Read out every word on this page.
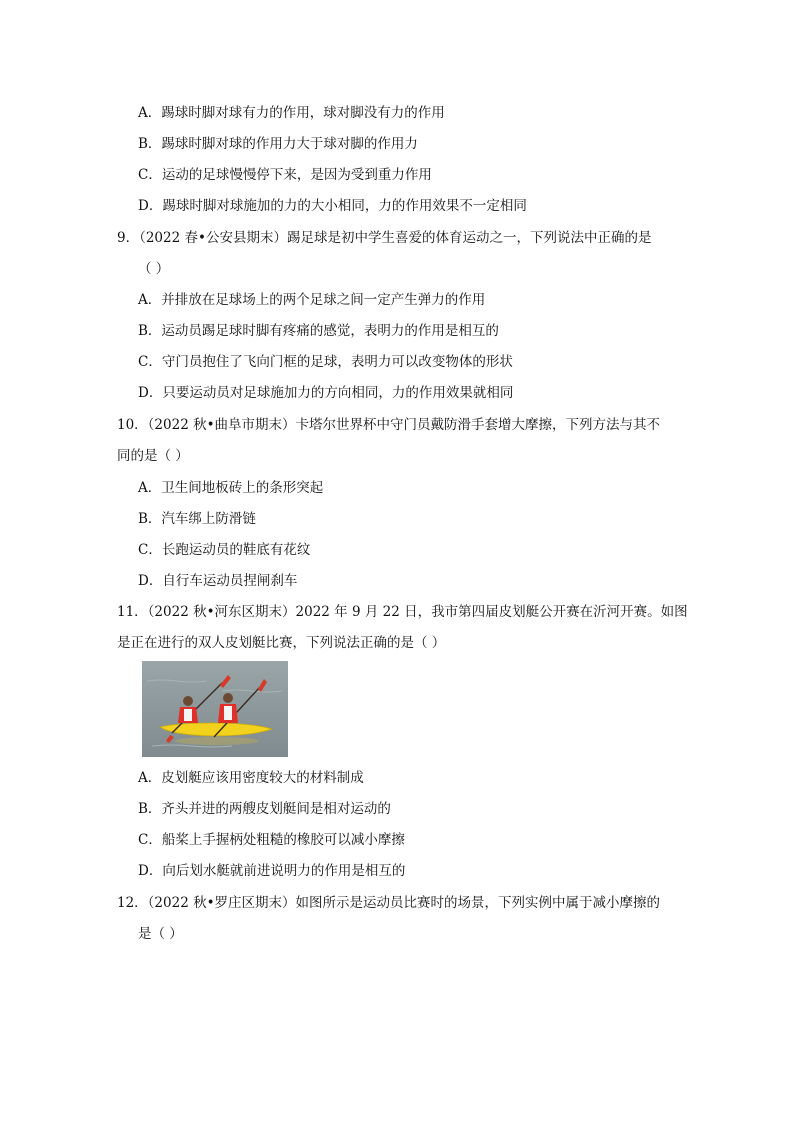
A．踢球时脚对球有力的作用，球对脚没有力的作用
B．踢球时脚对球的作用力大于球对脚的作用力
C．运动的足球慢慢停下来，是因为受到重力作用
D．踢球时脚对球施加的力的大小相同，力的作用效果不一定相同
9．（2022 春•公安县期末）踢足球是初中学生喜爱的体育运动之一，下列说法中正确的是
（ ）
A．并排放在足球场上的两个足球之间一定产生弹力的作用
B．运动员踢足球时脚有疼痛的感觉，表明力的作用是相互的
C．守门员抱住了飞向门框的足球，表明力可以改变物体的形状
D．只要运动员对足球施加力的方向相同，力的作用效果就相同
10．（2022 秋•曲阜市期末）卡塔尔世界杯中守门员戴防滑手套增大摩擦，下列方法与其不
同的是（ ）
A．卫生间地板砖上的条形突起
B．汽车绑上防滑链
C．长跑运动员的鞋底有花纹
D．自行车运动员捏闸刹车
11．（2022 秋•河东区期末）2022 年 9 月 22 日，我市第四届皮划艇公开赛在沂河开赛。如图
是正在进行的双人皮划艇比赛，下列说法正确的是（ ）
A．皮划艇应该用密度较大的材料制成
B．齐头并进的两艘皮划艇间是相对运动的
C．船桨上手握柄处粗糙的橡胶可以减小摩擦
D．向后划水艇就前进说明力的作用是相互的
12．（2022 秋•罗庄区期末）如图所示是运动员比赛时的场景，下列实例中属于减小摩擦的
是（ ）
